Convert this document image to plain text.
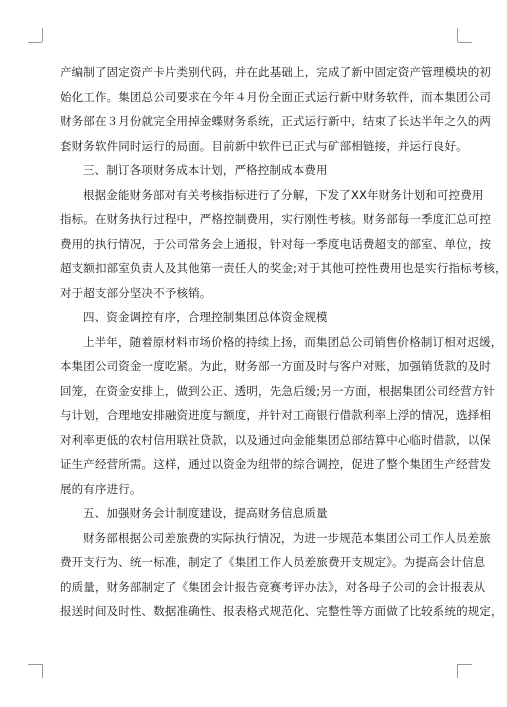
产编制了固定资产卡片类别代码，并在此基础上，完成了新中固定资产管理模块的初
始化工作。集团总公司要求在今年４月份全面正式运行新中财务软件，而本集团公司
财务部在３月份就完全用掉金蝶财务系统，正式运行新中，结束了长达半年之久的两
套财务软件同时运行的局面。目前新中软件已正式与矿部相链接，并运行良好。
三、制订各项财务成本计划，严格控制成本费用
根据金能财务部对有关考核指标进行了分解，下发了XX年财务计划和可控费用
指标。在财务执行过程中，严格控制费用，实行刚性考核。财务部每一季度汇总可控
费用的执行情况，于公司常务会上通报，针对每一季度电话费超支的部室、单位，按
超支额扣部室负责人及其他第一责任人的奖金;对于其他可控性费用也是实行指标考核，
对于超支部分坚决不予核销。
四、资金调控有序，合理控制集团总体资金规模
上半年，随着原材料市场价格的持续上扬，而集团总公司销售价格制订相对迟缓，
本集团公司资金一度吃紧。为此，财务部一方面及时与客户对账，加强销货款的及时
回笼，在资金安排上，做到公正、透明，先急后缓;另一方面，根据集团公司经营方针
与计划，合理地安排融资进度与额度，并针对工商银行借款利率上浮的情况，选择相
对利率更低的农村信用联社贷款，以及通过向金能集团总部结算中心临时借款，以保
证生产经营所需。这样，通过以资金为纽带的综合调控，促进了整个集团生产经营发
展的有序进行。
五、加强财务会计制度建设，提高财务信息质量
财务部根据公司差旅费的实际执行情况，为进一步规范本集团公司工作人员差旅
费开支行为、统一标准，制定了《集团工作人员差旅费开支规定》。为提高会计信息
的质量，财务部制定了《集团会计报告竞赛考评办法》，对各母子公司的会计报表从
报送时间及时性、数据准确性、报表格式规范化、完整性等方面做了比较系统的规定，
